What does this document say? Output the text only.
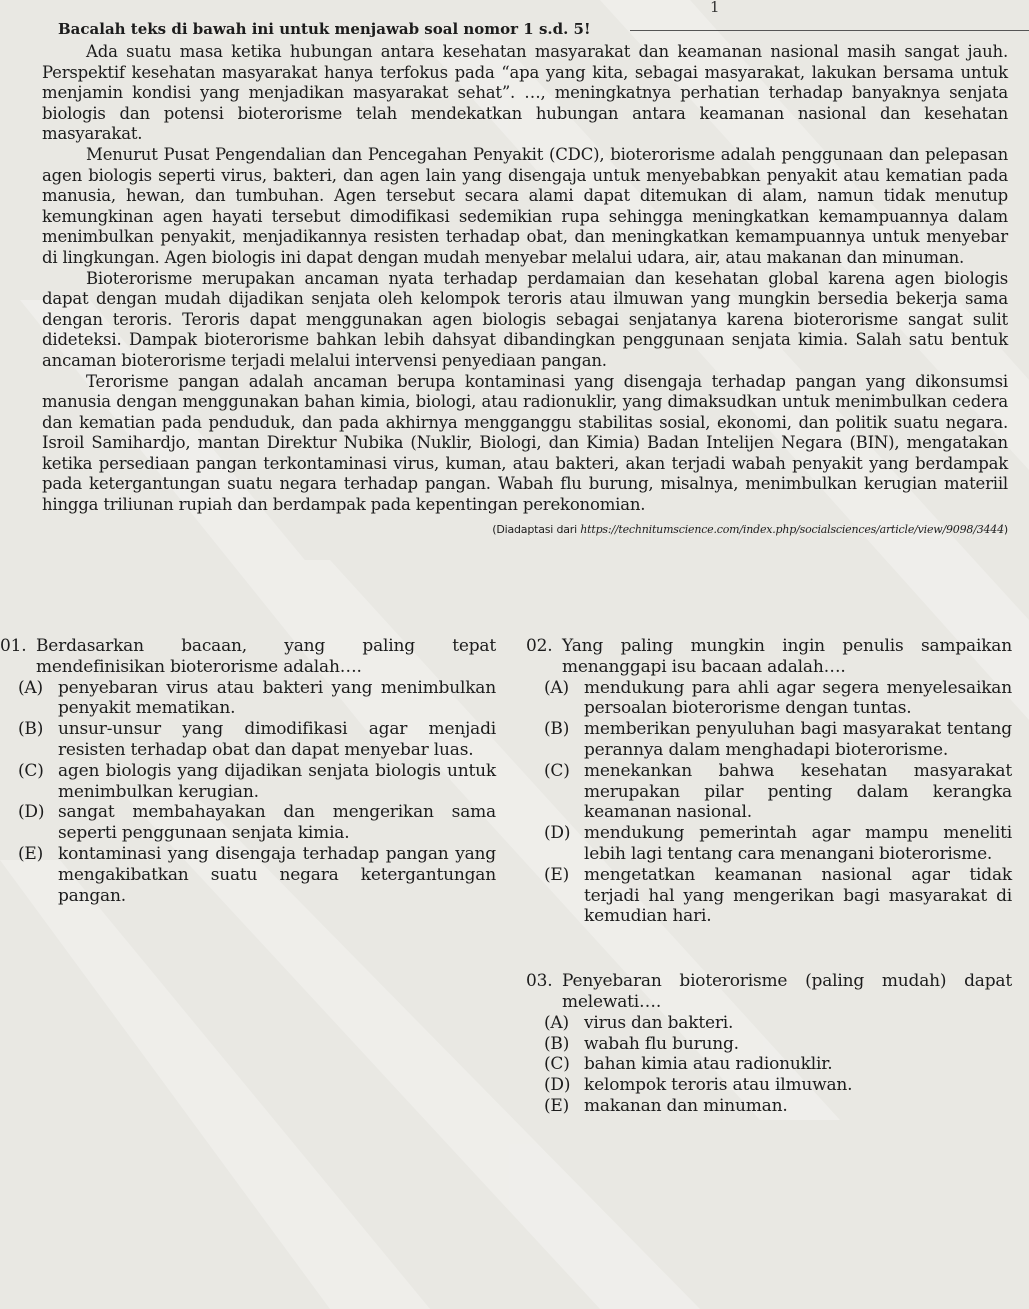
1
Bacalah teks di bawah ini untuk menjawab soal nomor 1 s.d. 5!

Ada suatu masa ketika hubungan antara kesehatan masyarakat dan keamanan nasional masih sangat jauh. Perspektif kesehatan masyarakat hanya terfokus pada “apa yang kita, sebagai masyarakat, lakukan bersama untuk menjamin kondisi yang menjadikan masyarakat sehat”. …, meningkatnya perhatian terhadap banyaknya senjata biologis dan potensi bioterorisme telah mendekatkan hubungan antara keamanan nasional dan kesehatan masyarakat.

Menurut Pusat Pengendalian dan Pencegahan Penyakit (CDC), bioterorisme adalah penggunaan dan pelepasan agen biologis seperti virus, bakteri, dan agen lain yang disengaja untuk menyebabkan penyakit atau kematian pada manusia, hewan, dan tumbuhan. Agen tersebut secara alami dapat ditemukan di alam, namun tidak menutup kemungkinan agen hayati tersebut dimodifikasi sedemikian rupa sehingga meningkatkan kemampuannya dalam menimbulkan penyakit, menjadikannya resisten terhadap obat, dan meningkatkan kemampuannya untuk menyebar di lingkungan. Agen biologis ini dapat dengan mudah menyebar melalui udara, air, atau makanan dan minuman.

Bioterorisme merupakan ancaman nyata terhadap perdamaian dan kesehatan global karena agen biologis dapat dengan mudah dijadikan senjata oleh kelompok teroris atau ilmuwan yang mungkin bersedia bekerja sama dengan teroris. Teroris dapat menggunakan agen biologis sebagai senjatanya karena bioterorisme sangat sulit dideteksi. Dampak bioterorisme bahkan lebih dahsyat dibandingkan penggunaan senjata kimia. Salah satu bentuk ancaman bioterorisme terjadi melalui intervensi penyediaan pangan.

Terorisme pangan adalah ancaman berupa kontaminasi yang disengaja terhadap pangan yang dikonsumsi manusia dengan menggunakan bahan kimia, biologi, atau radionuklir, yang dimaksudkan untuk menimbulkan cedera dan kematian pada penduduk, dan pada akhirnya mengganggu stabilitas sosial, ekonomi, dan politik suatu negara. Isroil Samihardjo, mantan Direktur Nubika (Nuklir, Biologi, dan Kimia) Badan Intelijen Negara (BIN), mengatakan ketika persediaan pangan terkontaminasi virus, kuman, atau bakteri, akan terjadi wabah penyakit yang berdampak pada ketergantungan suatu negara terhadap pangan. Wabah flu burung, misalnya, menimbulkan kerugian materiil hingga triliunan rupiah dan berdampak pada kepentingan perekonomian.

(Diadaptasi dari https://technitumscience.com/index.php/socialsciences/article/view/9098/3444)
01. Berdasarkan bacaan, yang paling tepat mendefinisikan bioterorisme adalah….
(A) penyebaran virus atau bakteri yang menimbulkan penyakit mematikan.
(B) unsur-unsur yang dimodifikasi agar menjadi resisten terhadap obat dan dapat menyebar luas.
(C) agen biologis yang dijadikan senjata biologis untuk menimbulkan kerugian.
(D) sangat membahayakan dan mengerikan sama seperti penggunaan senjata kimia.
(E) kontaminasi yang disengaja terhadap pangan yang mengakibatkan suatu negara ketergantungan pangan.
02. Yang paling mungkin ingin penulis sampaikan menanggapi isu bacaan adalah….
(A) mendukung para ahli agar segera menyelesaikan persoalan bioterorisme dengan tuntas.
(B) memberikan penyuluhan bagi masyarakat tentang perannya dalam menghadapi bioterorisme.
(C) menekankan bahwa kesehatan masyarakat merupakan pilar penting dalam kerangka keamanan nasional.
(D) mendukung pemerintah agar mampu meneliti lebih lagi tentang cara menangani bioterorisme.
(E) mengetatkan keamanan nasional agar tidak terjadi hal yang mengerikan bagi masyarakat di kemudian hari.
03. Penyebaran bioterorisme (paling mudah) dapat melewati….
(A) virus dan bakteri.
(B) wabah flu burung.
(C) bahan kimia atau radionuklir.
(D) kelompok teroris atau ilmuwan.
(E) makanan dan minuman.
